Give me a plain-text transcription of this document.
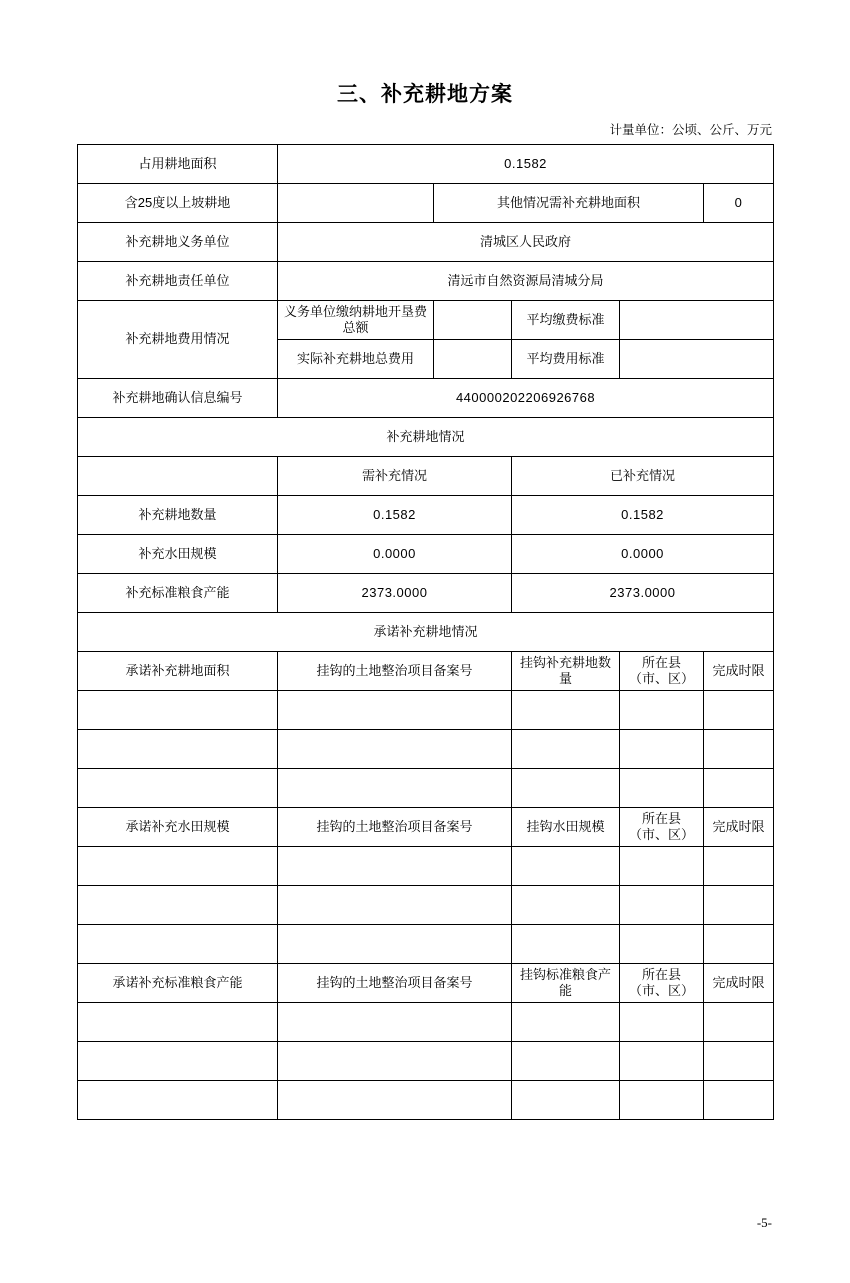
三、补充耕地方案
计量单位：公顷、公斤、万元
占用耕地面积	0.1582				
含25度以上坡耕地		其他情况需补充耕地面积			0
补充耕地义务单位	清城区人民政府				
补充耕地责任单位	清远市自然资源局清城分局				
补充耕地费用情况	义务单位缴纳耕地开垦费总额		平均缴费标准		
	实际补充耕地总费用		平均费用标准		
补充耕地确认信息编号	440000202206926768				
补充耕地情况					
	需补充情况		已补充情况		
补充耕地数量	0.1582		0.1582		
补充水田规模	0.0000		0.0000		
补充标准粮食产能	2373.0000		2373.0000		
承诺补充耕地情况					
承诺补充耕地面积	挂钩的土地整治项目备案号		挂钩补充耕地数量	所在县（市、区）	完成时限

承诺补充水田规模	挂钩的土地整治项目备案号		挂钩水田规模	所在县（市、区）	完成时限

承诺补充标准粮食产能	挂钩的土地整治项目备案号		挂钩标准粮食产能	所在县（市、区）	完成时限

-5-
